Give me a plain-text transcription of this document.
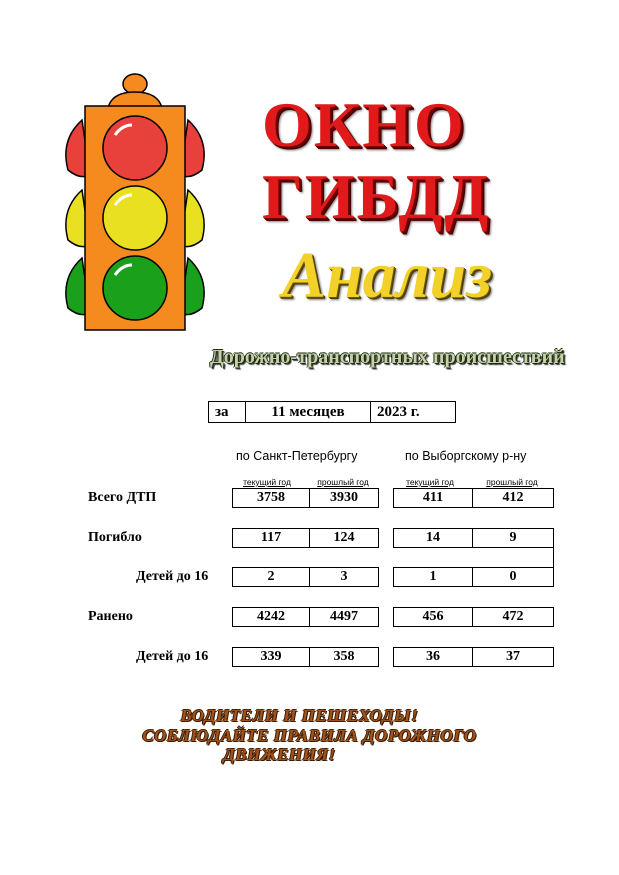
ОКНО
ГИБДД
Анализ
Дорожно-транспортных происшествий
за	11 месяцев	2023 г.
по Санкт-Петербургу	по Выборгскому р-ну
текущий год	прошлый год	текущий год	прошлый год
Всего ДТП	3758	3930	411	412
Погибло	117	124	14	9
Детей до 16	2	3	1	0
Ранено	4242	4497	456	472
Детей до 16	339	358	36	37
ВОДИТЕЛИ И ПЕШЕХОДЫ!
СОБЛЮДАЙТЕ ПРАВИЛА ДОРОЖНОГО
ДВИЖЕНИЯ!
